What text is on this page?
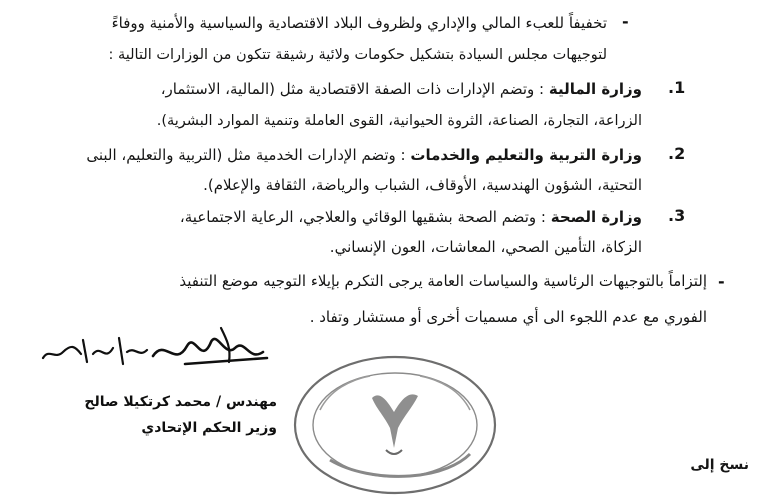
-
تخفيفاً للعبء المالي والإداري ولظروف البلاد الاقتصادية والسياسية والأمنية ووفاءً
لتوجيهات مجلس السيادة بتشكيل حكومات ولائية رشيقة تتكون من الوزارات التالية :
.1
وزارة المالية : وتضم الإدارات ذات الصفة الاقتصادية مثل (المالية، الاستثمار،
الزراعة، التجارة، الصناعة، الثروة الحيوانية، القوى العاملة وتنمية الموارد البشرية).
.2
وزارة التربية والتعليم والخدمات : وتضم الإدارات الخدمية مثل (التربية والتعليم، البنى
التحتية، الشؤون الهندسية، الأوقاف، الشباب والرياضة، الثقافة والإعلام).
.3
وزارة الصحة : وتضم الصحة بشقيها الوقائي والعلاجي، الرعاية الاجتماعية،
الزكاة، التأمين الصحي، المعاشات، العون الإنساني.
-
إلتزاماً بالتوجيهات الرئاسية والسياسات العامة يرجى التكرم بإيلاء التوجيه موضع التنفيذ
الفوري مع عدم اللجوء الى أي مسميات أخرى أو مستشار وتفاد .
مهندس / محمد كرتكيلا صالح
وزير الحكم الإتحادي
نسخ إلى
